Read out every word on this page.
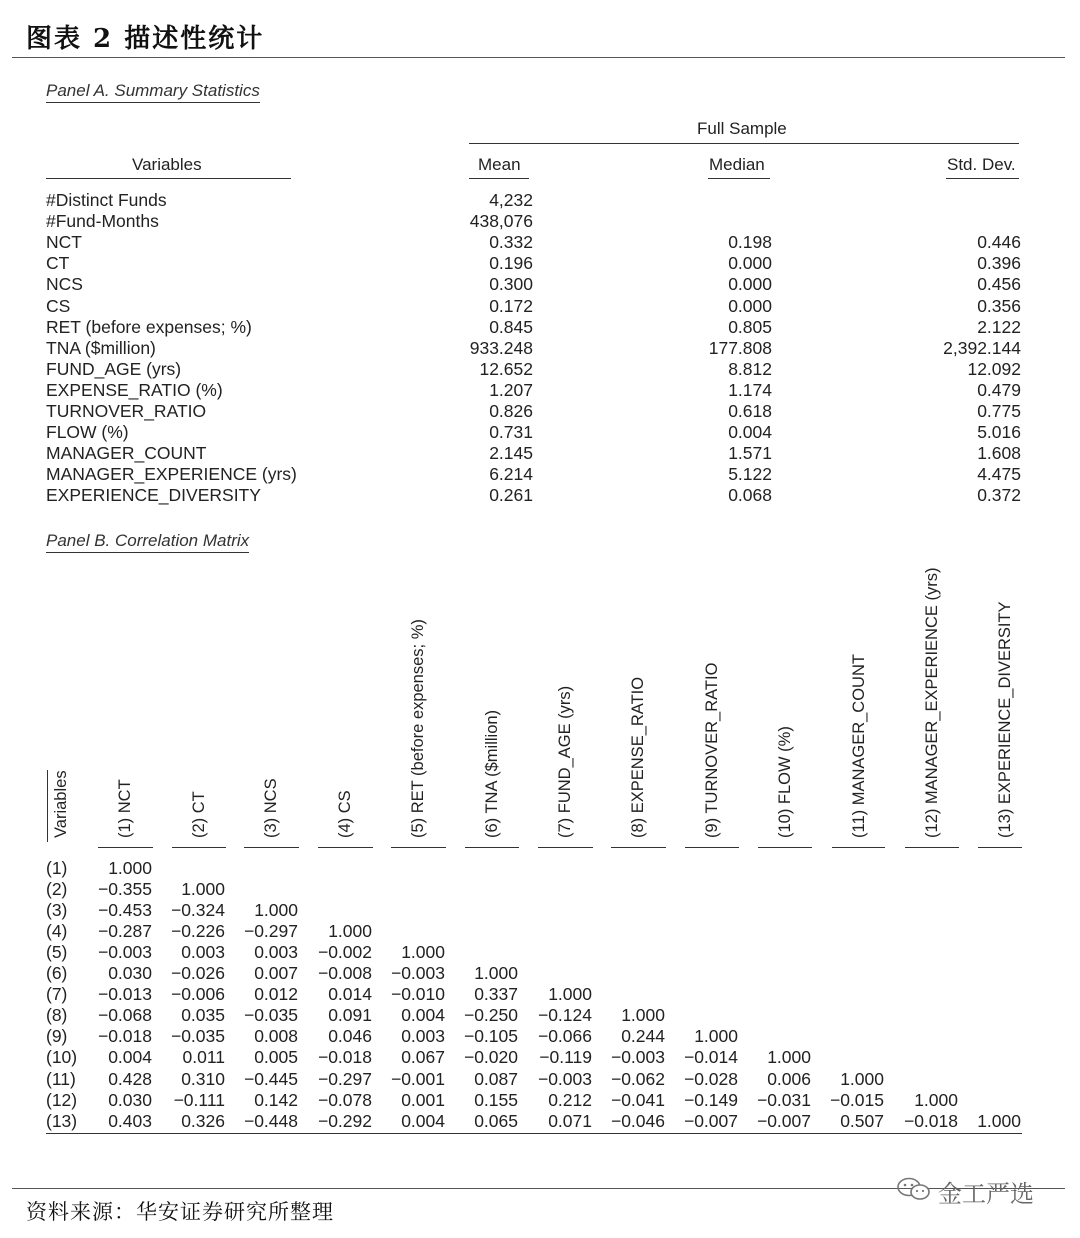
图表 2 描述性统计
Panel A. Summary Statistics
Full Sample
Variables	Mean	Median	Std. Dev.
#Distinct Funds	4,232
#Fund-Months	438,076
NCT	0.332	0.198	0.446
CT	0.196	0.000	0.396
NCS	0.300	0.000	0.456
CS	0.172	0.000	0.356
RET (before expenses; %)	0.845	0.805	2.122
TNA ($million)	933.248	177.808	2,392.144
FUND_AGE (yrs)	12.652	8.812	12.092
EXPENSE_RATIO (%)	1.207	1.174	0.479
TURNOVER_RATIO	0.826	0.618	0.775
FLOW (%)	0.731	0.004	5.016
MANAGER_COUNT	2.145	1.571	1.608
MANAGER_EXPERIENCE (yrs)	6.214	5.122	4.475
EXPERIENCE_DIVERSITY	0.261	0.068	0.372
Panel B. Correlation Matrix
Variables	(1) NCT	(2) CT	(3) NCS	(4) CS	(5) RET (before expenses; %)	(6) TNA ($million)	(7) FUND_AGE (yrs)	(8) EXPENSE_RATIO	(9) TURNOVER_RATIO	(10) FLOW (%)	(11) MANAGER_COUNT	(12) MANAGER_EXPERIENCE (yrs)	(13) EXPERIENCE_DIVERSITY
(1)	1.000
(2)	−0.355	1.000
(3)	−0.453	−0.324	1.000
(4)	−0.287	−0.226	−0.297	1.000
(5)	−0.003	0.003	0.003	−0.002	1.000
(6)	0.030	−0.026	0.007	−0.008	−0.003	1.000
(7)	−0.013	−0.006	0.012	0.014	−0.010	0.337	1.000
(8)	−0.068	0.035	−0.035	0.091	0.004	−0.250	−0.124	1.000
(9)	−0.018	−0.035	0.008	0.046	0.003	−0.105	−0.066	0.244	1.000
(10)	0.004	0.011	0.005	−0.018	0.067	−0.020	−0.119	−0.003	−0.014	1.000
(11)	0.428	0.310	−0.445	−0.297	−0.001	0.087	−0.003	−0.062	−0.028	0.006	1.000
(12)	0.030	−0.111	0.142	−0.078	0.001	0.155	0.212	−0.041	−0.149	−0.031	−0.015	1.000
(13)	0.403	0.326	−0.448	−0.292	0.004	0.065	0.071	−0.046	−0.007	−0.007	0.507	−0.018	1.000
资料来源：华安证券研究所整理
金工严选
